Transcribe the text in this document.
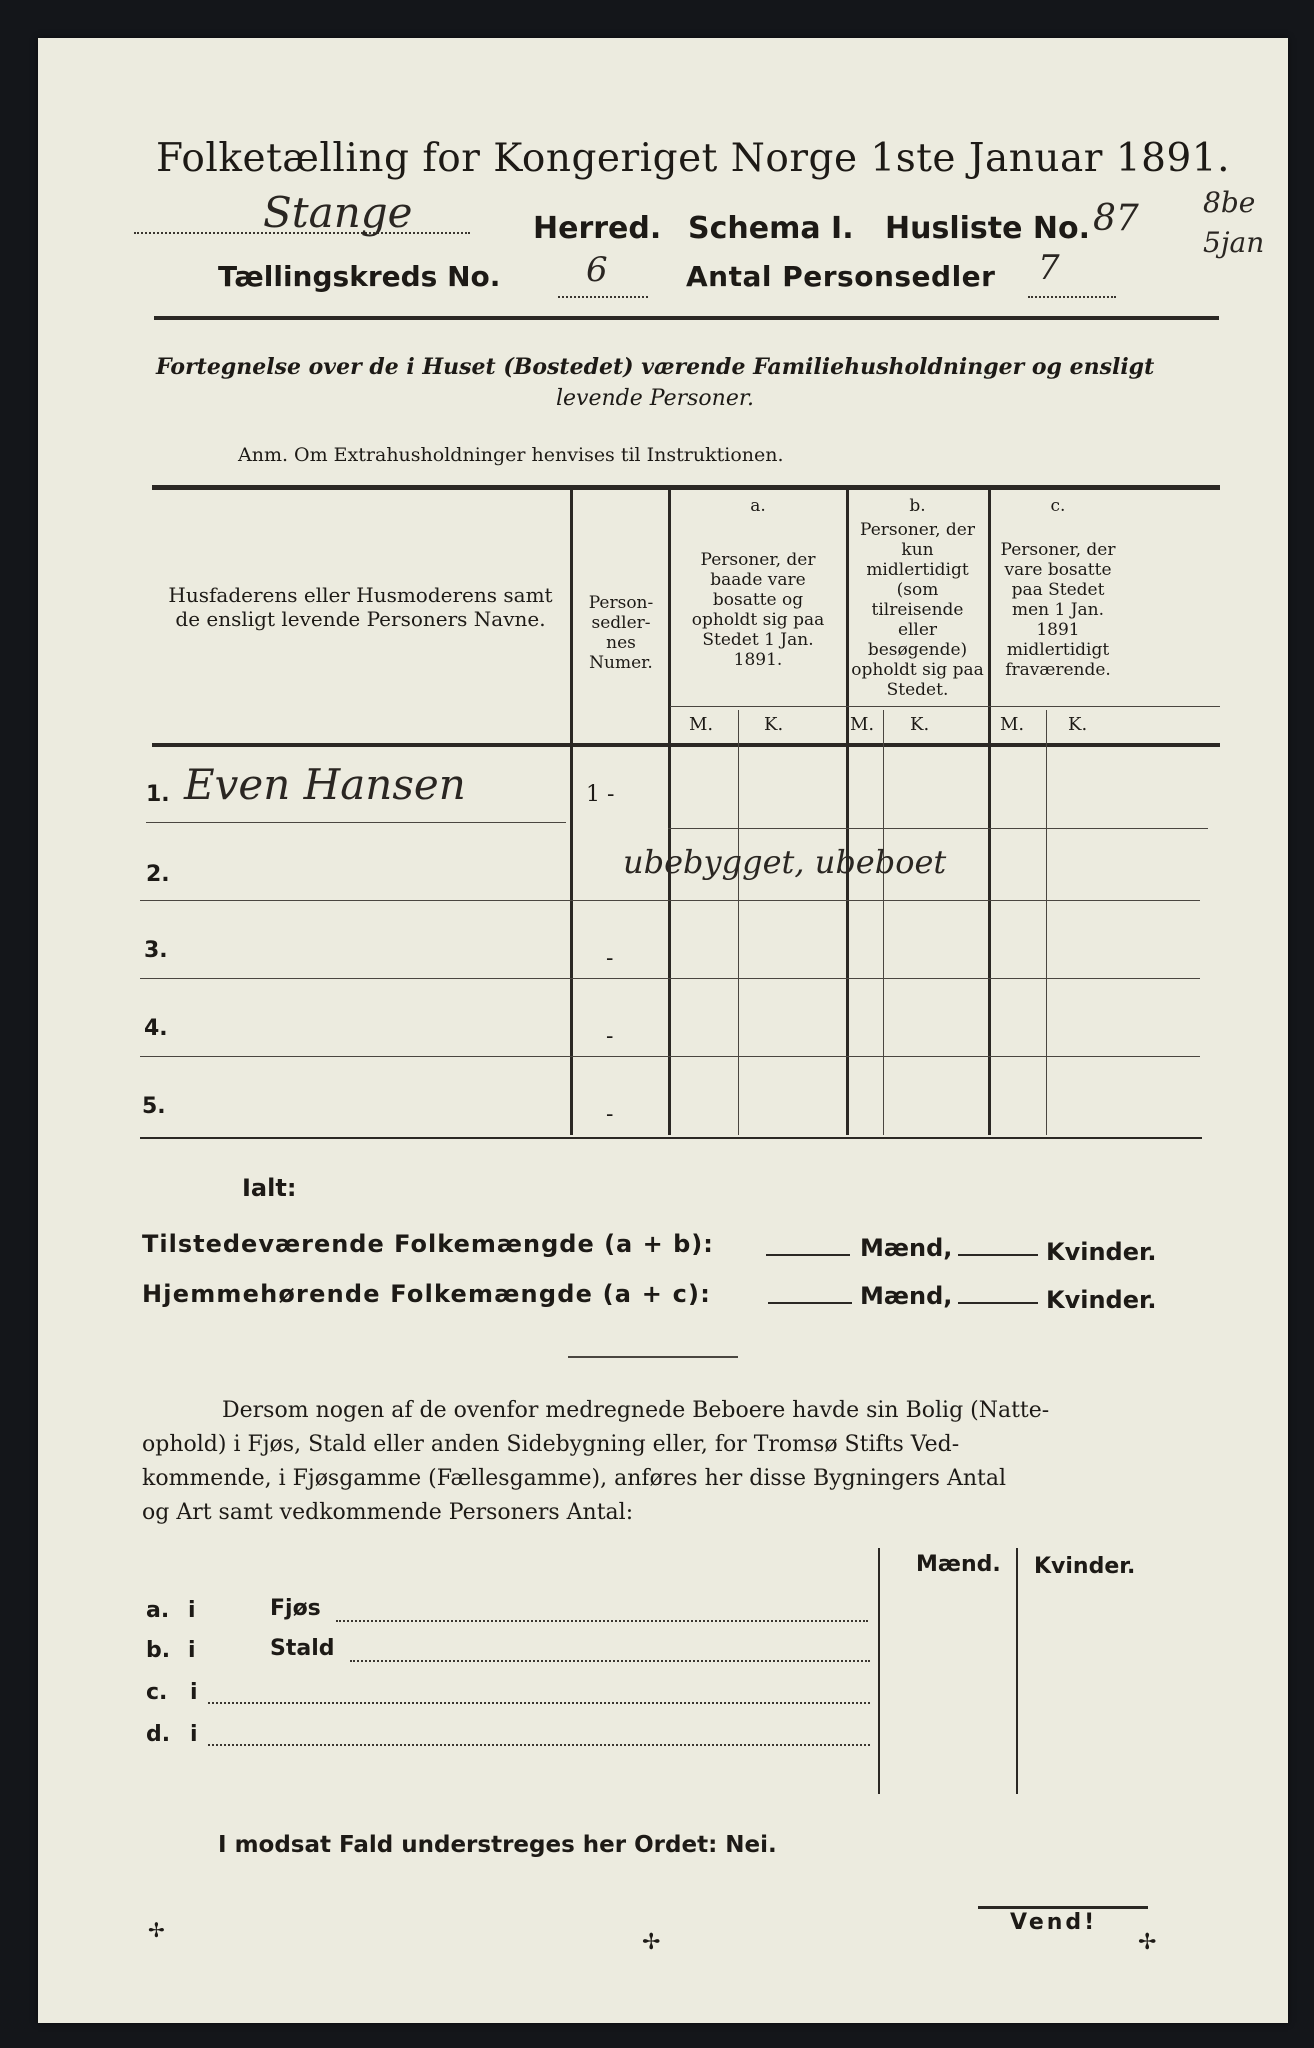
Folketælling for Kongeriget Norge 1ste Januar 1891.
Stange	Herred. Schema I. Husliste No. 87 8be 5jan
Tællingskreds No.	6	Antal Personsedler 7
Fortegnelse over de i Huset (Bostedet) værende Familiehusholdninger og ensligt
levende Personer.
Anm. Om Extrahusholdninger henvises til Instruktionen.
Husfaderens eller Husmoderens samt de ensligt levende Personers Navne.
Person-sedler-nes Numer.
a.
Personer, der baade vare bosatte og opholdt sig paa Stedet 1 Jan. 1891.
b.
Personer, der kun midlertidigt (som tilreisende eller besøgende) opholdt sig paa Stedet.
c.
Personer, der vare bosatte paa Stedet men 1 Jan. 1891 midlertidigt fraværende.
M.	K.	M. K.	M. K.
1. Even Hansen	1 -
2.	ubebygget, ubeboet
3.	-
4.	-
5.	-
Ialt:
Tilstedeværende Folkemængde (a + b):	Mænd,	Kvinder.
Hjemmehørende Folkemængde (a + c):	Mænd,	Kvinder.
Dersom nogen af de ovenfor medregnede Beboere havde sin Bolig (Natte-
ophold) i Fjøs, Stald eller anden Sidebygning eller, for Tromsø Stifts Ved-
kommende, i Fjøsgamme (Fællesgamme), anføres her disse Bygningers Antal
og Art samt vedkommende Personers Antal:
Mænd. Kvinder.
a. i	Fjøs
b. i	Stald
c. i
d. i
I modsat Fald understreges her Ordet: Nei.
Vend!
✢	✢	✢
